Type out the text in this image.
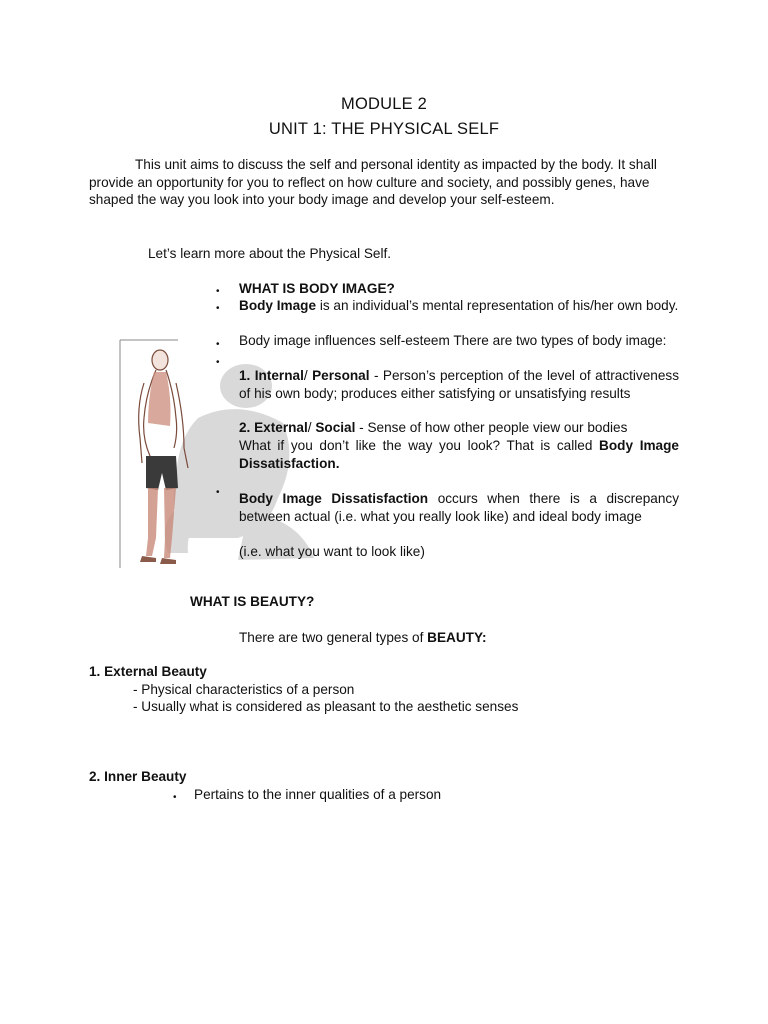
MODULE 2
UNIT 1: THE PHYSICAL SELF

This unit aims to discuss the self and personal identity as impacted by the body. It shall provide an opportunity for you to reflect on how culture and society, and possibly genes, have shaped the way you look into your body image and develop your self-esteem.

Let’s learn more about the Physical Self.

• WHAT IS BODY IMAGE?

• Body Image is an individual’s mental representation of his/her own body.

•
•

Body image influences self-esteem There are two types of body image:

1. Internal/ Personal - Person’s perception of the level of attractiveness of his own body; produces either satisfying or unsatisfying results

2. External/ Social - Sense of how other people view our bodies

What if you don’t like the way you look? That is called Body Image Dissatisfaction.

• Body Image Dissatisfaction occurs when there is a discrepancy between actual (i.e. what you really look like) and ideal body image

(i.e. what you want to look like)

WHAT IS BEAUTY?

There are two general types of BEAUTY:

1. External Beauty

- Physical characteristics of a person

- Usually what is considered as pleasant to the aesthetic senses

2. Inner Beauty

• Pertains to the inner qualities of a person
